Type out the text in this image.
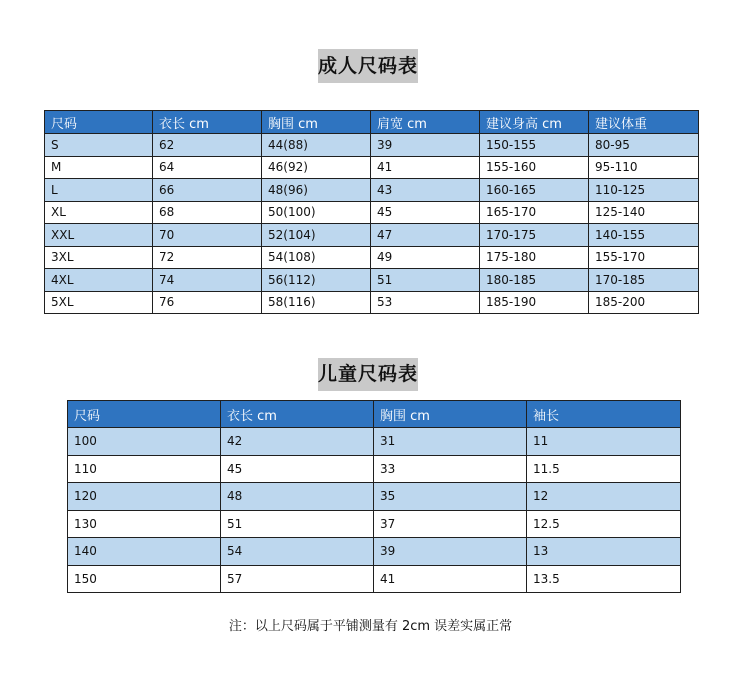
成人尺码表
尺码	衣长 cm	胸围 cm	肩宽 cm	建议身高 cm	建议体重
S	62	44(88)	39	150-155	80-95
M	64	46(92)	41	155-160	95-110
L	66	48(96)	43	160-165	110-125
XL	68	50(100)	45	165-170	125-140
XXL	70	52(104)	47	170-175	140-155
3XL	72	54(108)	49	175-180	155-170
4XL	74	56(112)	51	180-185	170-185
5XL	76	58(116)	53	185-190	185-200
儿童尺码表
尺码	衣长 cm	胸围 cm	袖长
100	42	31	11
110	45	33	11.5
120	48	35	12
130	51	37	12.5
140	54	39	13
150	57	41	13.5
注：以上尺码属于平铺测量有 2cm 误差实属正常
